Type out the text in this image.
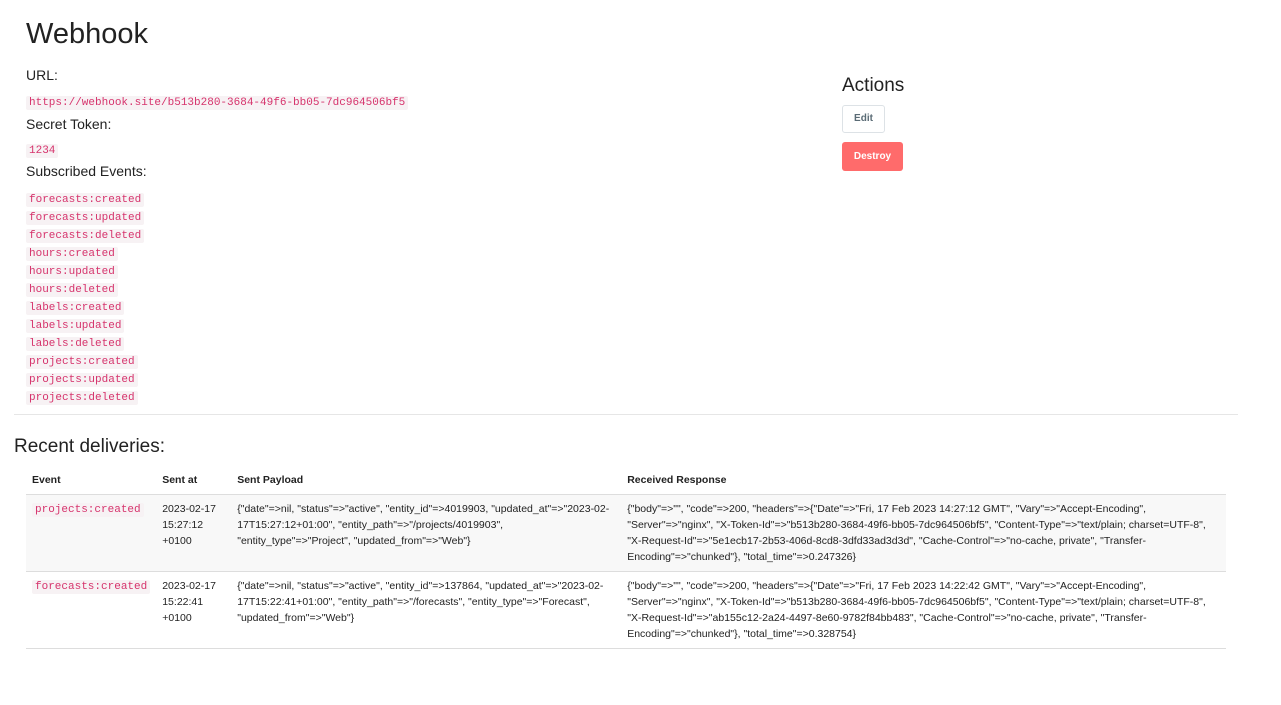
Webhook
URL:
https://webhook.site/b513b280-3684-49f6-bb05-7dc964506bf5
Secret Token:
1234
Subscribed Events:
forecasts:created
forecasts:updated
forecasts:deleted
hours:created
hours:updated
hours:deleted
labels:created
labels:updated
labels:deleted
projects:created
projects:updated
projects:deleted
Actions
Edit
Destroy
Recent deliveries:
Event	Sent at	Sent Payload	Received Response
projects:created	2023-02-17 15:27:12 +0100	{"date"=>nil, "status"=>"active", "entity_id"=>4019903, "updated_at"=>"2023-02-17T15:27:12+01:00", "entity_path"=>"/projects/4019903", "entity_type"=>"Project", "updated_from"=>"Web"}	{"body"=>"", "code"=>200, "headers"=>{"Date"=>"Fri, 17 Feb 2023 14:27:12 GMT", "Vary"=>"Accept-Encoding", "Server"=>"nginx", "X-Token-Id"=>"b513b280-3684-49f6-bb05-7dc964506bf5", "Content-Type"=>"text/plain; charset=UTF-8", "X-Request-Id"=>"5e1ecb17-2b53-406d-8cd8-3dfd33ad3d3d", "Cache-Control"=>"no-cache, private", "Transfer-Encoding"=>"chunked"}, "total_time"=>0.247326}
forecasts:created	2023-02-17 15:22:41 +0100	{"date"=>nil, "status"=>"active", "entity_id"=>137864, "updated_at"=>"2023-02-17T15:22:41+01:00", "entity_path"=>"/forecasts", "entity_type"=>"Forecast", "updated_from"=>"Web"}	{"body"=>"", "code"=>200, "headers"=>{"Date"=>"Fri, 17 Feb 2023 14:22:42 GMT", "Vary"=>"Accept-Encoding", "Server"=>"nginx", "X-Token-Id"=>"b513b280-3684-49f6-bb05-7dc964506bf5", "Content-Type"=>"text/plain; charset=UTF-8", "X-Request-Id"=>"ab155c12-2a24-4497-8e60-9782f84bb483", "Cache-Control"=>"no-cache, private", "Transfer-Encoding"=>"chunked"}, "total_time"=>0.328754}
